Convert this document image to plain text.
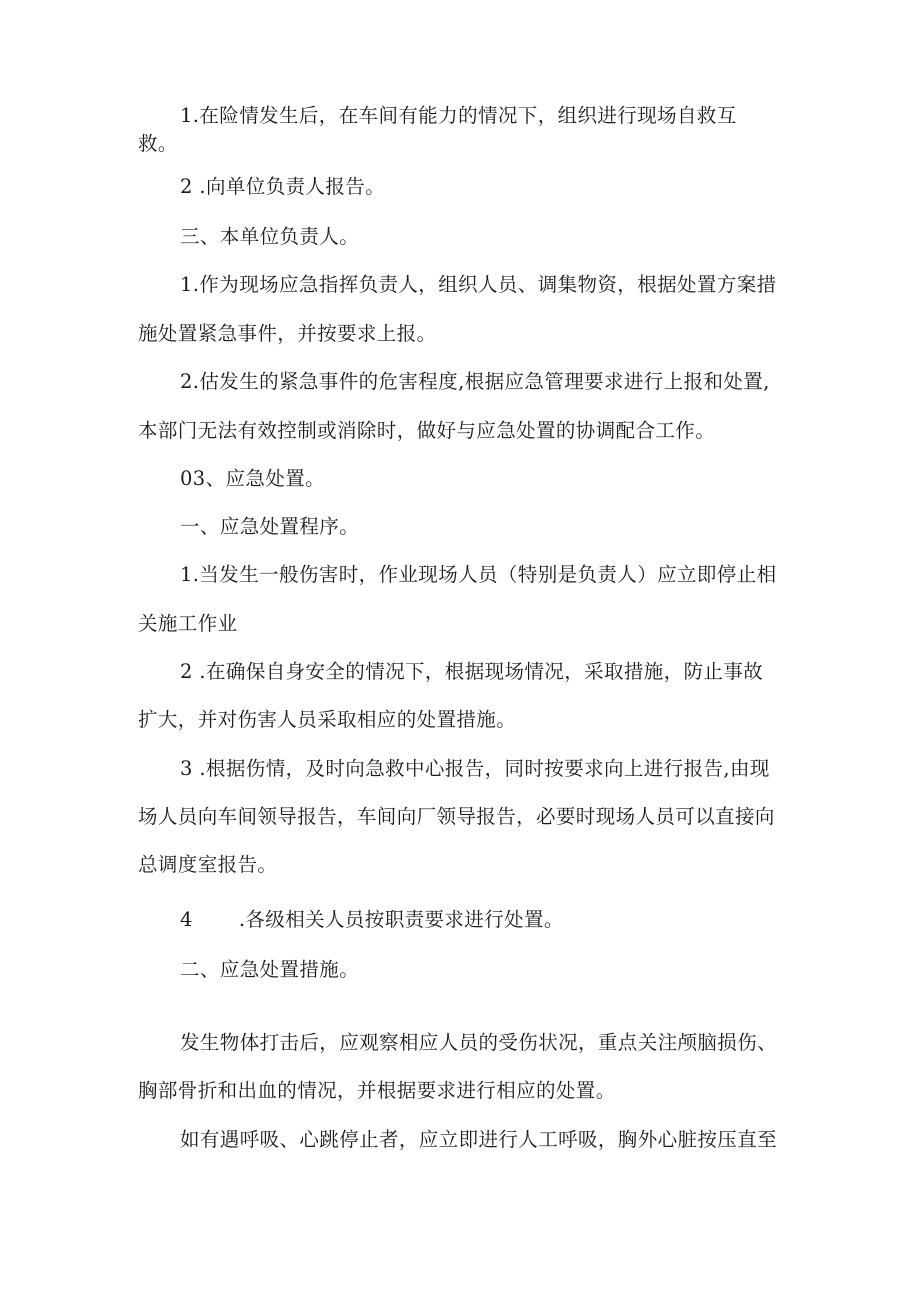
1.在险情发生后，在车间有能力的情况下，组织进行现场自救互
救。
2 .向单位负责人报告。
三、本单位负责人。
1.作为现场应急指挥负责人，组织人员、调集物资，根据处置方案措
施处置紧急事件，并按要求上报。
2.估发生的紧急事件的危害程度,根据应急管理要求进行上报和处置,
本部门无法有效控制或消除时，做好与应急处置的协调配合工作。
03、应急处置。
一、应急处置程序。
1.当发生一般伤害时，作业现场人员（特别是负责人）应立即停止相
关施工作业
2 .在确保自身安全的情况下，根据现场情况，采取措施，防止事故
扩大，并对伤害人员采取相应的处置措施。
3 .根据伤情，及时向急救中心报告，同时按要求向上进行报告,由现
场人员向车间领导报告，车间向厂领导报告，必要时现场人员可以直接向
总调度室报告。
4 .各级相关人员按职责要求进行处置。
二、应急处置措施。
发生物体打击后，应观察相应人员的受伤状况，重点关注颅脑损伤、
胸部骨折和出血的情况，并根据要求进行相应的处置。
如有遇呼吸、心跳停止者，应立即进行人工呼吸，胸外心脏按压直至
